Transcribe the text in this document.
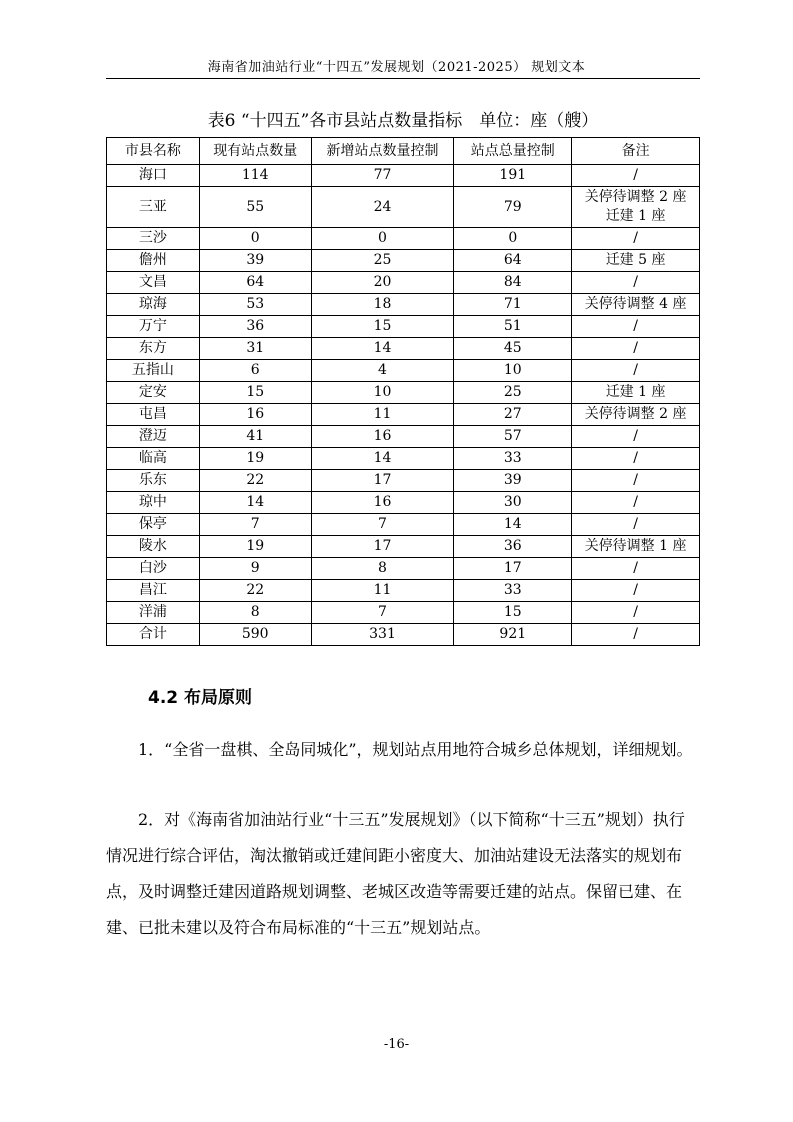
海南省加油站行业“十四五”发展规划（2021-2025） 规划文本
表6 “十四五”各市县站点数量指标　单位：座（艘）
市县名称	现有站点数量	新增站点数量控制	站点总量控制	备注
海口	114	77	191	/
三亚	55	24	79	关停待调整 2 座
迁建 1 座

三沙	0	0	0	/
儋州	39	25	64	迁建 5 座
文昌	64	20	84	/
琼海	53	18	71	关停待调整 4 座
万宁	36	15	51	/
东方	31	14	45	/
五指山	6	4	10	/
定安	15	10	25	迁建 1 座
屯昌	16	11	27	关停待调整 2 座
澄迈	41	16	57	/
临高	19	14	33	/
乐东	22	17	39	/
琼中	14	16	30	/
保亭	7	7	14	/
陵水	19	17	36	关停待调整 1 座
白沙	9	8	17	/
昌江	22	11	33	/
洋浦	8	7	15	/
合计	590	331	921	/
4.2 布局原则
1．“全省一盘棋、全岛同城化”，规划站点用地符合城乡总体规划，详细规划。
2．对《海南省加油站行业“十三五”发展规划》（以下简称“十三五”规划）执行情况进行综合评估，淘汰撤销或迁建间距小密度大、加油站建设无法落实的规划布点，及时调整迁建因道路规划调整、老城区改造等需要迁建的站点。保留已建、在建、已批未建以及符合布局标准的“十三五”规划站点。
-16-
